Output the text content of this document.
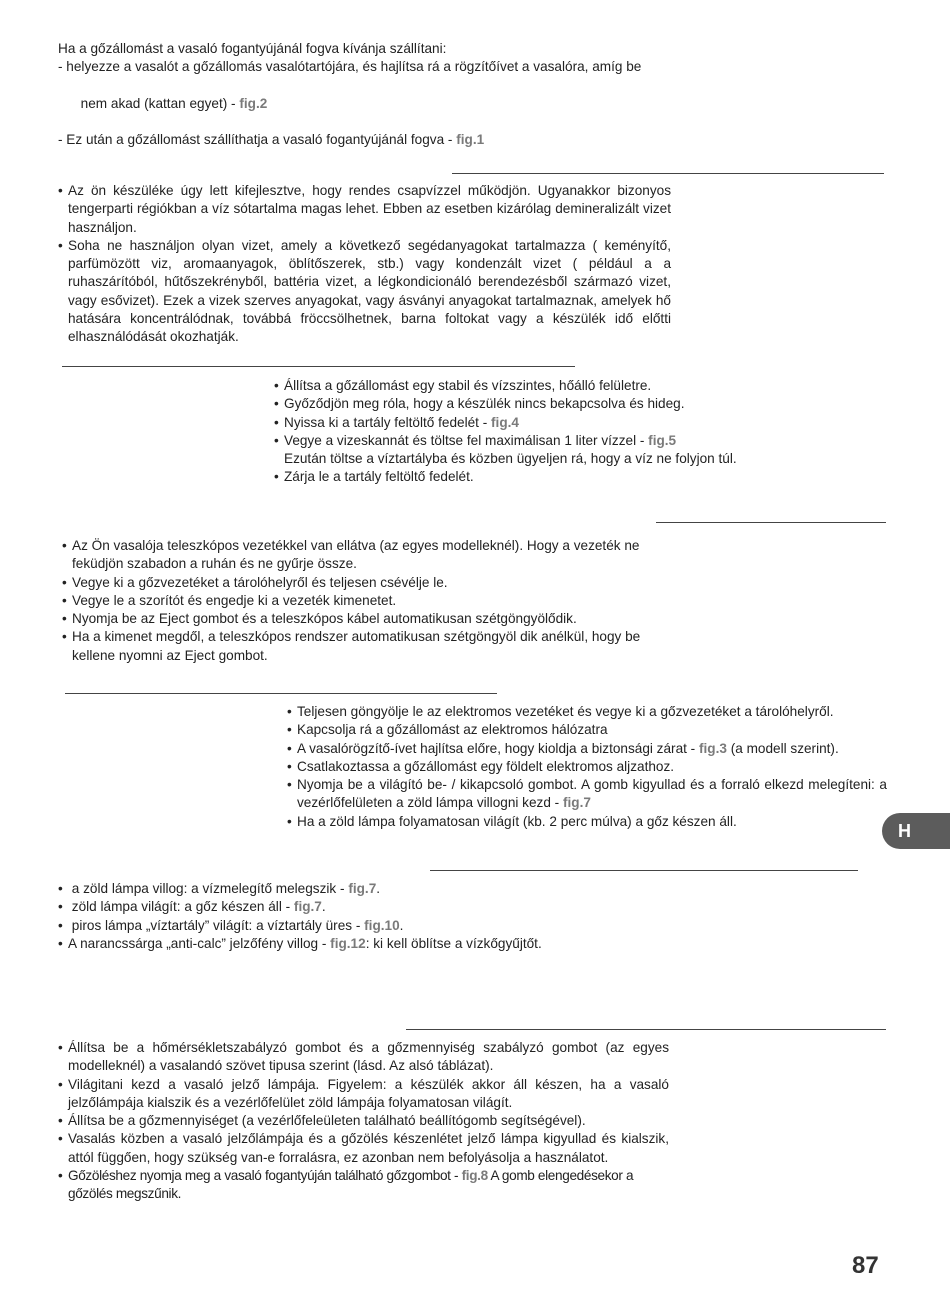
Ha a gőzállomást a vasaló fogantyújánál fogva kívánja szállítani:
- helyezze a vasalót a gőzállomás vasalótartójára, és hajlítsa rá a rögzítőívet a vasalóra, amíg be

nem akad (kattan egyet) - fig.2

- Ez után a gőzállomást szállíthatja a vasaló fogantyújánál fogva - fig.1
• Az ön készüléke úgy lett kifejlesztve, hogy rendes csapvízzel működjön. Ugyanakkor bizonyos tengerparti régiókban a víz sótartalma magas lehet. Ebben az esetben kizárólag demineralizált vizet használjon.
• Soha ne használjon olyan vizet, amely a következő segédanyagokat tartalmazza ( keményítő, parfümözött viz, aromaanyagok, öblítőszerek, stb.) vagy kondenzált vizet ( például a a ruhaszárítóból, hűtőszekrényből, battéria vizet, a légkondicionáló berendezésből származó vizet, vagy esővizet). Ezek a vizek szerves anyagokat, vagy ásványi anyagokat tartalmaznak, amelyek hő hatására koncentrálódnak, továbbá fröccsölhetnek, barna foltokat vagy a készülék idő előtti elhasználódását okozhatják.
• Állítsa a gőzállomást egy stabil és vízszintes, hőálló felületre.
• Győződjön meg róla, hogy a készülék nincs bekapcsolva és hideg.
• Nyissa ki a tartály feltöltő fedelét - fig.4
• Vegye a vizeskannát és töltse fel maximálisan 1 liter vízzel - fig.5
Ezután töltse a víztartályba és közben ügyeljen rá, hogy a víz ne folyjon túl.
• Zárja le a tartály feltöltő fedelét.
• Az Ön vasalója teleszkópos vezetékkel van ellátva (az egyes modelleknél). Hogy a vezeték ne feküdjön szabadon a ruhán és ne gyűrje össze.
• Vegye ki a gőzvezetéket a tárolóhelyről és teljesen csévélje le.
• Vegye le a szorítót és engedje ki a vezeték kimenetet.
• Nyomja be az Eject gombot és a teleszkópos kábel automatikusan szétgöngyölődik.
• Ha a kimenet megdől, a teleszkópos rendszer automatikusan szétgöngyöl dik anélkül, hogy be kellene nyomni az Eject gombot.
• Teljesen göngyölje le az elektromos vezetéket és vegye ki a gőzvezetéket a tárolóhelyről.
• Kapcsolja rá a gőzállomást az elektromos hálózatra
• A vasalórögzítő-ívet hajlítsa előre, hogy kioldja a biztonsági zárat - fig.3 (a modell szerint).
• Csatlakoztassa a gőzállomást egy földelt elektromos aljzathoz.
• Nyomja be a világító be- / kikapcsoló gombot. A gomb kigyullad és a forraló elkezd melegíteni: a vezérlőfelületen a zöld lámpa villogni kezd - fig.7
• Ha a zöld lámpa folyamatosan világít (kb. 2 perc múlva) a gőz készen áll.	H
• a zöld lámpa villog: a vízmelegítő melegszik - fig.7.
• zöld lámpa világít: a gőz készen áll - fig.7.
• piros lámpa „víztartály” világít: a víztartály üres - fig.10.
• A narancssárga „anti-calc” jelzőfény villog - fig.12: ki kell öblítse a vízkőgyűjtőt.
• Állítsa be a hőmérsékletszabályzó gombot és a gőzmennyiség szabályzó gombot (az egyes modelleknél) a vasalandó szövet tipusa szerint (lásd. Az alsó táblázat).
• Világitani kezd a vasaló jelző lámpája. Figyelem: a készülék akkor áll készen, ha a vasaló jelzőlámpája kialszik és a vezérlőfelület zöld lámpája folyamatosan világít.
• Állítsa be a gőzmennyiséget (a vezérlőfeleületen található beállítógomb segítségével).
• Vasalás közben a vasaló jelzőlámpája és a gőzölés készenlétet jelző lámpa kigyullad és kialszik, attól függően, hogy szükség van-e forralásra, ez azonban nem befolyásolja a használatot.
• Gőzöléshez nyomja meg a vasaló fogantyúján található gőzgombot - fig.8 A gomb elengedésekor a gőzölés megszűnik.
87
